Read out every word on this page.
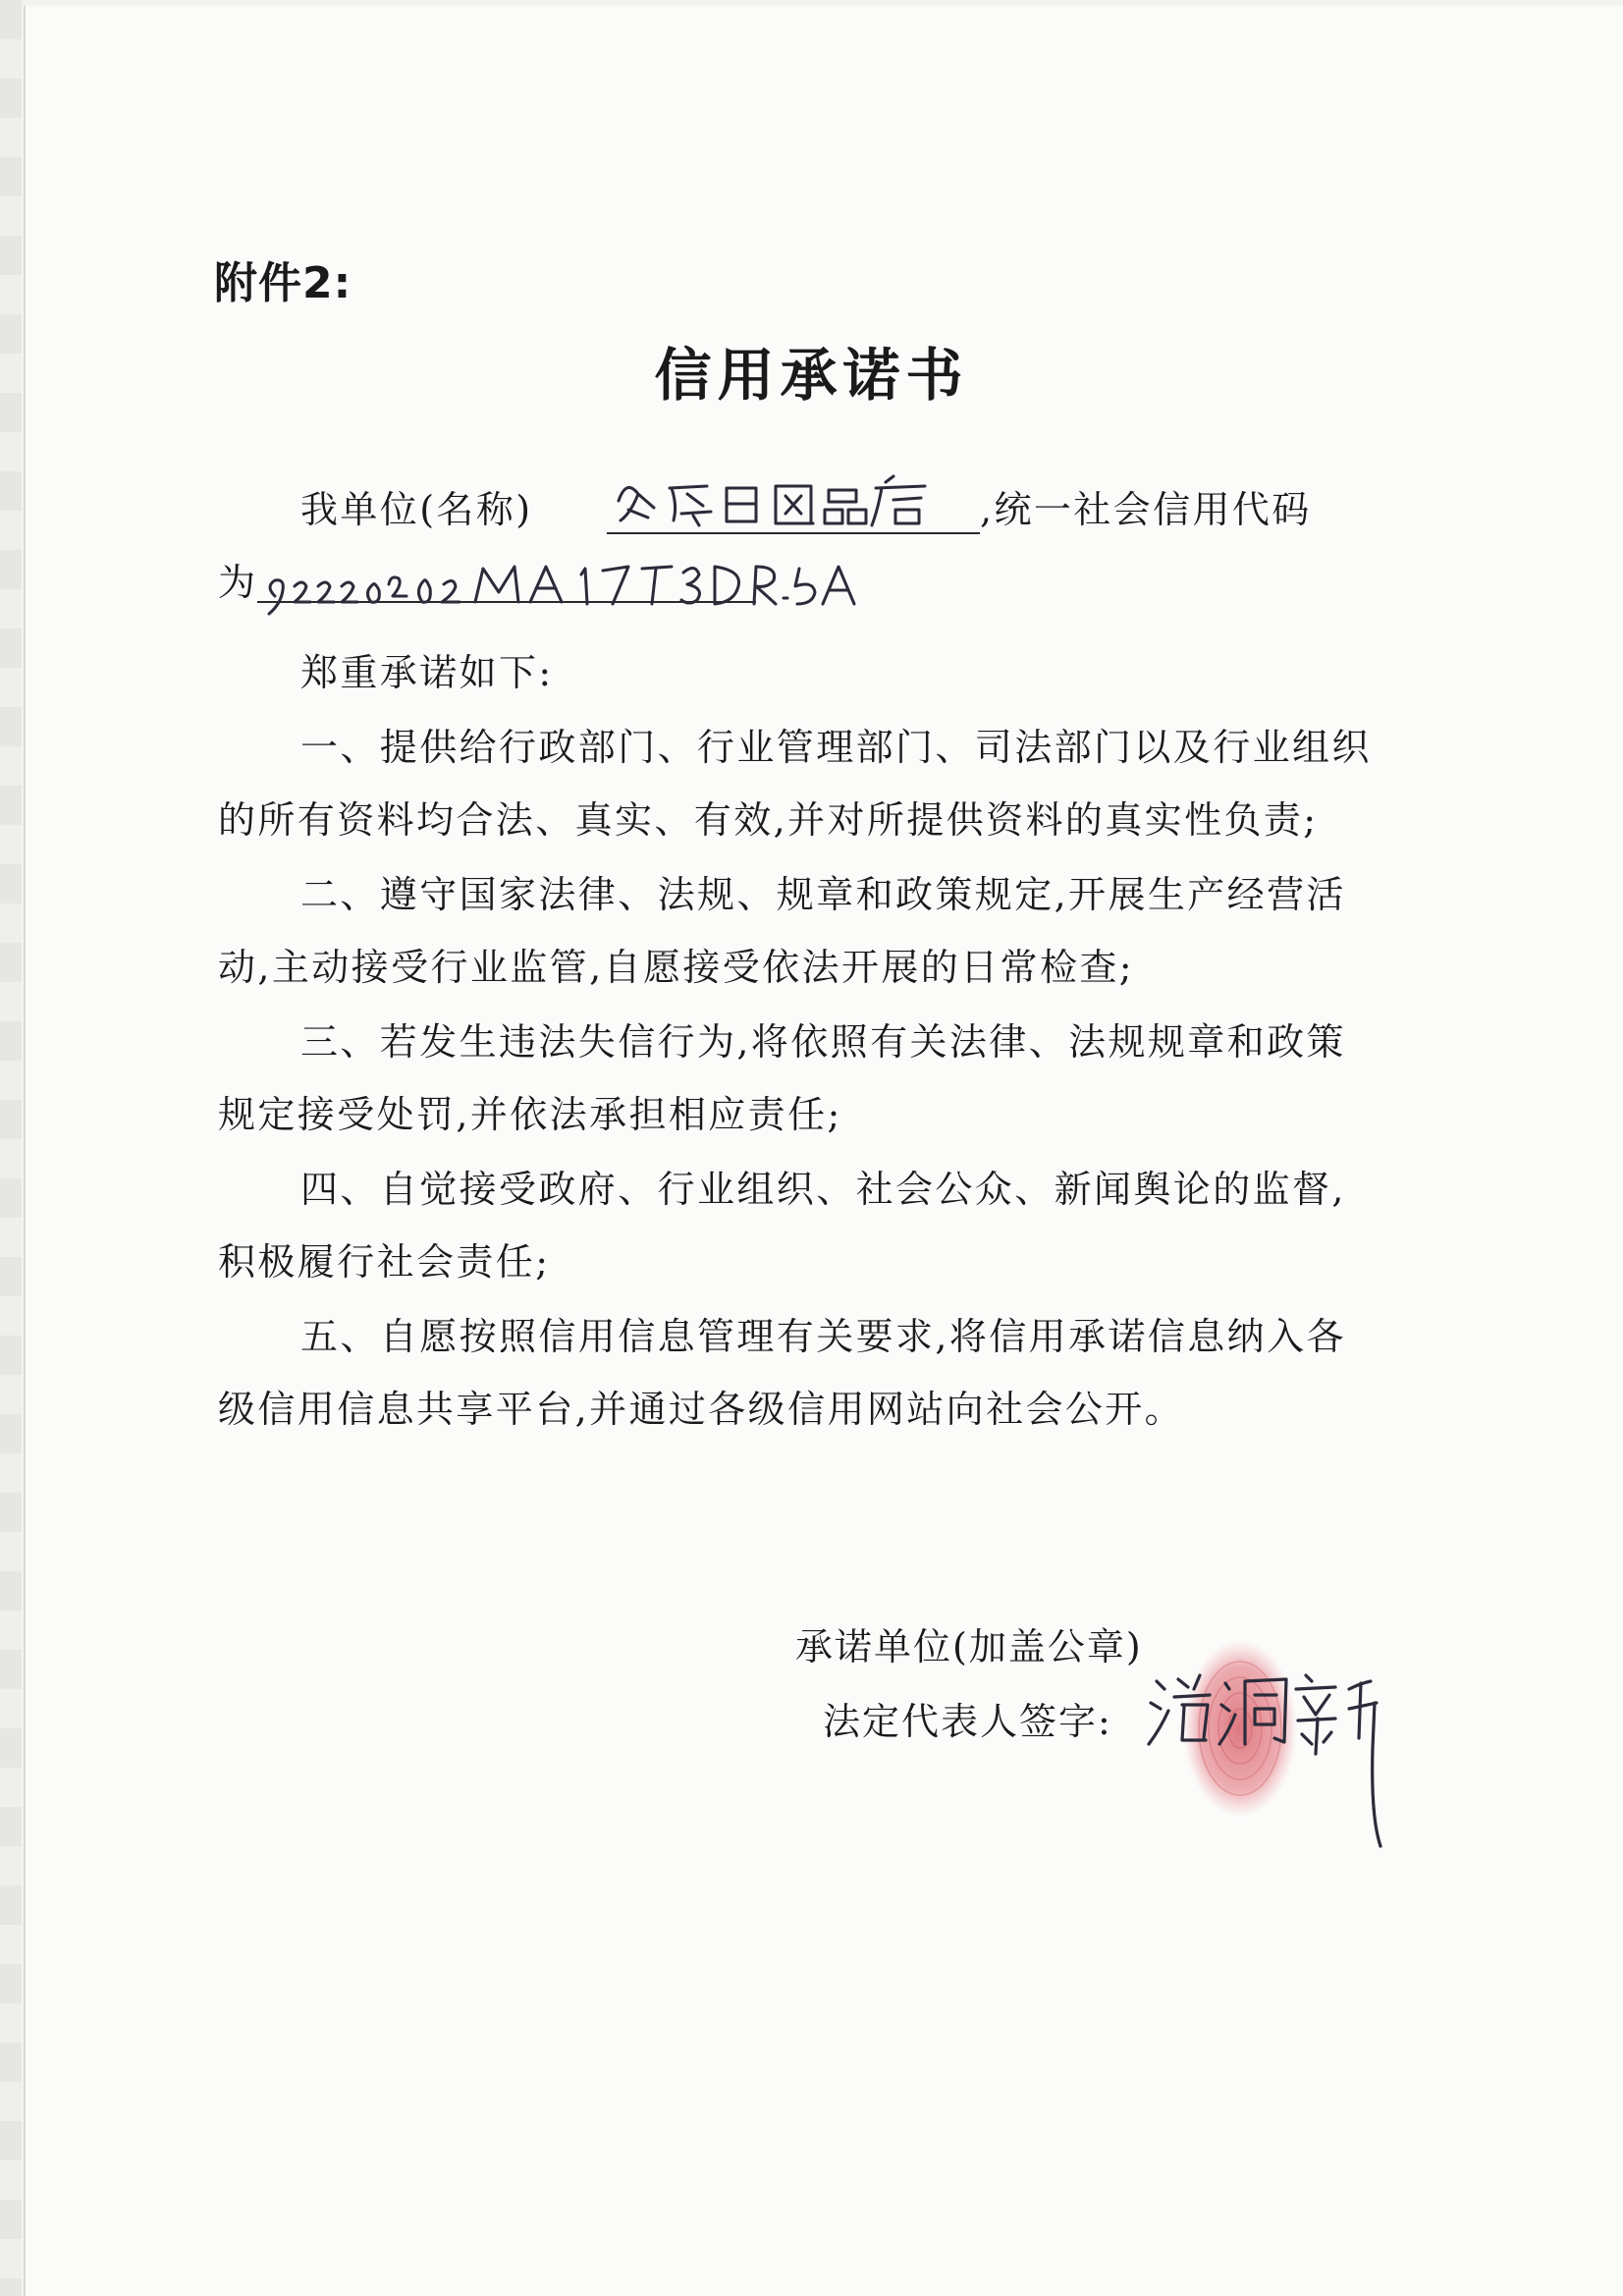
附件2:
信用承诺书
我单位(名称)	,统一社会信用代码
为
郑重承诺如下:
一、提供给行政部门、行业管理部门、司法部门以及行业组织
的所有资料均合法、真实、有效,并对所提供资料的真实性负责;
二、遵守国家法律、法规、规章和政策规定,开展生产经营活
动,主动接受行业监管,自愿接受依法开展的日常检查;
三、若发生违法失信行为,将依照有关法律、法规规章和政策
规定接受处罚,并依法承担相应责任;
四、自觉接受政府、行业组织、社会公众、新闻舆论的监督,
积极履行社会责任;
五、自愿按照信用信息管理有关要求,将信用承诺信息纳入各
级信用信息共享平台,并通过各级信用网站向社会公开。
承诺单位(加盖公章)
法定代表人签字:
